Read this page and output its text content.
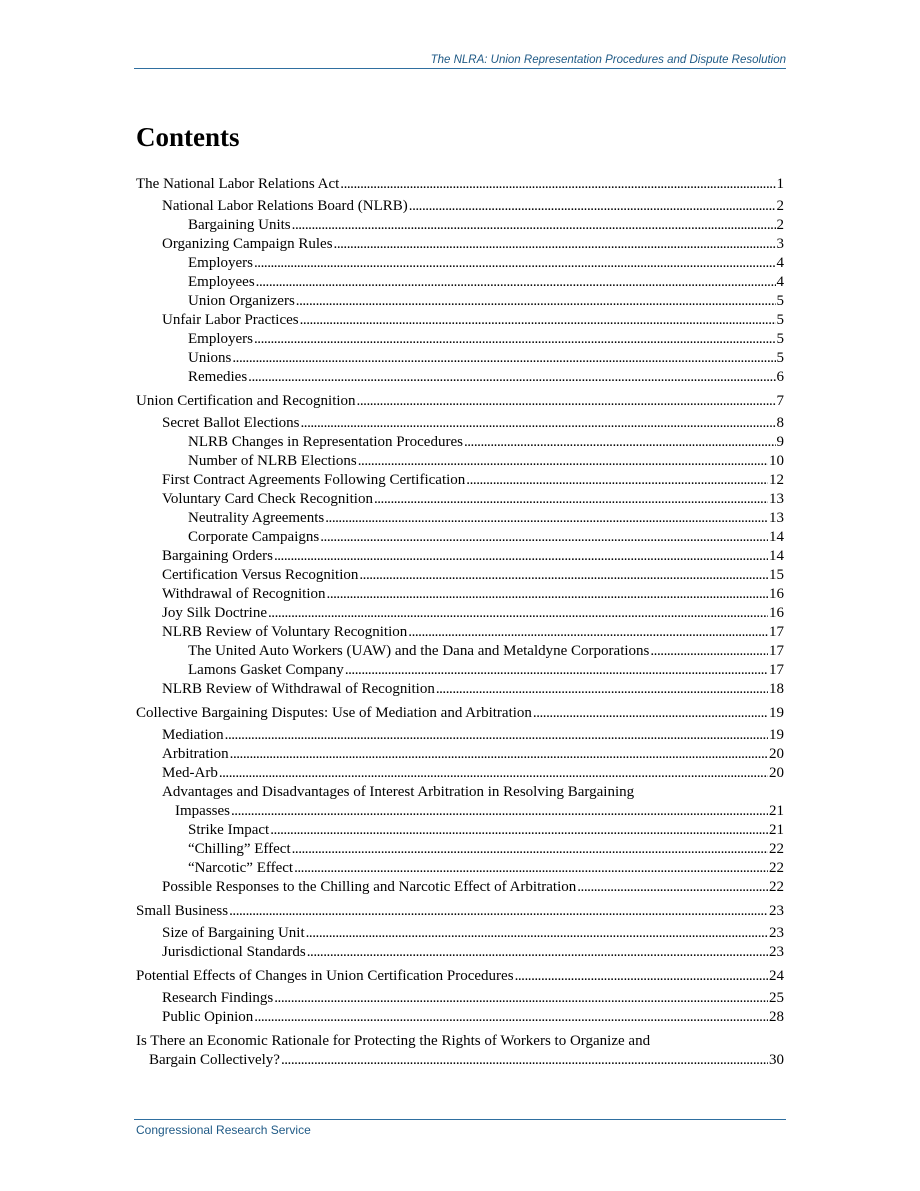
The NLRA: Union Representation Procedures and Dispute Resolution
Contents
The National Labor Relations Act . . .	1
National Labor Relations Board (NLRB) . . .	2
Bargaining Units . . .	2
Organizing Campaign Rules . . .	3
Employers . . .	4
Employees . . .	4
Union Organizers . . .	5
Unfair Labor Practices . . .	5
Employers . . .	5
Unions . . .	5
Remedies . . .	6
Union Certification and Recognition . . .	7
Secret Ballot Elections . . .	8
NLRB Changes in Representation Procedures . . .	9
Number of NLRB Elections . . .	10
First Contract Agreements Following Certification . . .	12
Voluntary Card Check Recognition . . .	13
Neutrality Agreements . . .	13
Corporate Campaigns . . .	14
Bargaining Orders . . .	14
Certification Versus Recognition . . .	15
Withdrawal of Recognition . . .	16
Joy Silk Doctrine . . .	16
NLRB Review of Voluntary Recognition . . .	17
The United Auto Workers (UAW) and the Dana and Metaldyne Corporations . . .	17
Lamons Gasket Company . . .	17
NLRB Review of Withdrawal of Recognition . . .	18
Collective Bargaining Disputes: Use of Mediation and Arbitration . . .	19
Mediation . . .	19
Arbitration . . .	20
Med-Arb . . .	20
Advantages and Disadvantages of Interest Arbitration in Resolving Bargaining
Impasses . . .	21
Strike Impact . . .	21
“Chilling” Effect . . .	22
“Narcotic” Effect . . .	22
Possible Responses to the Chilling and Narcotic Effect of Arbitration . . .	22
Small Business . . .	23
Size of Bargaining Unit . . .	23
Jurisdictional Standards . . .	23
Potential Effects of Changes in Union Certification Procedures . . .	24
Research Findings . . .	25
Public Opinion . . .	28
Is There an Economic Rationale for Protecting the Rights of Workers to Organize and
Bargain Collectively? . . .	30
Congressional Research Service
